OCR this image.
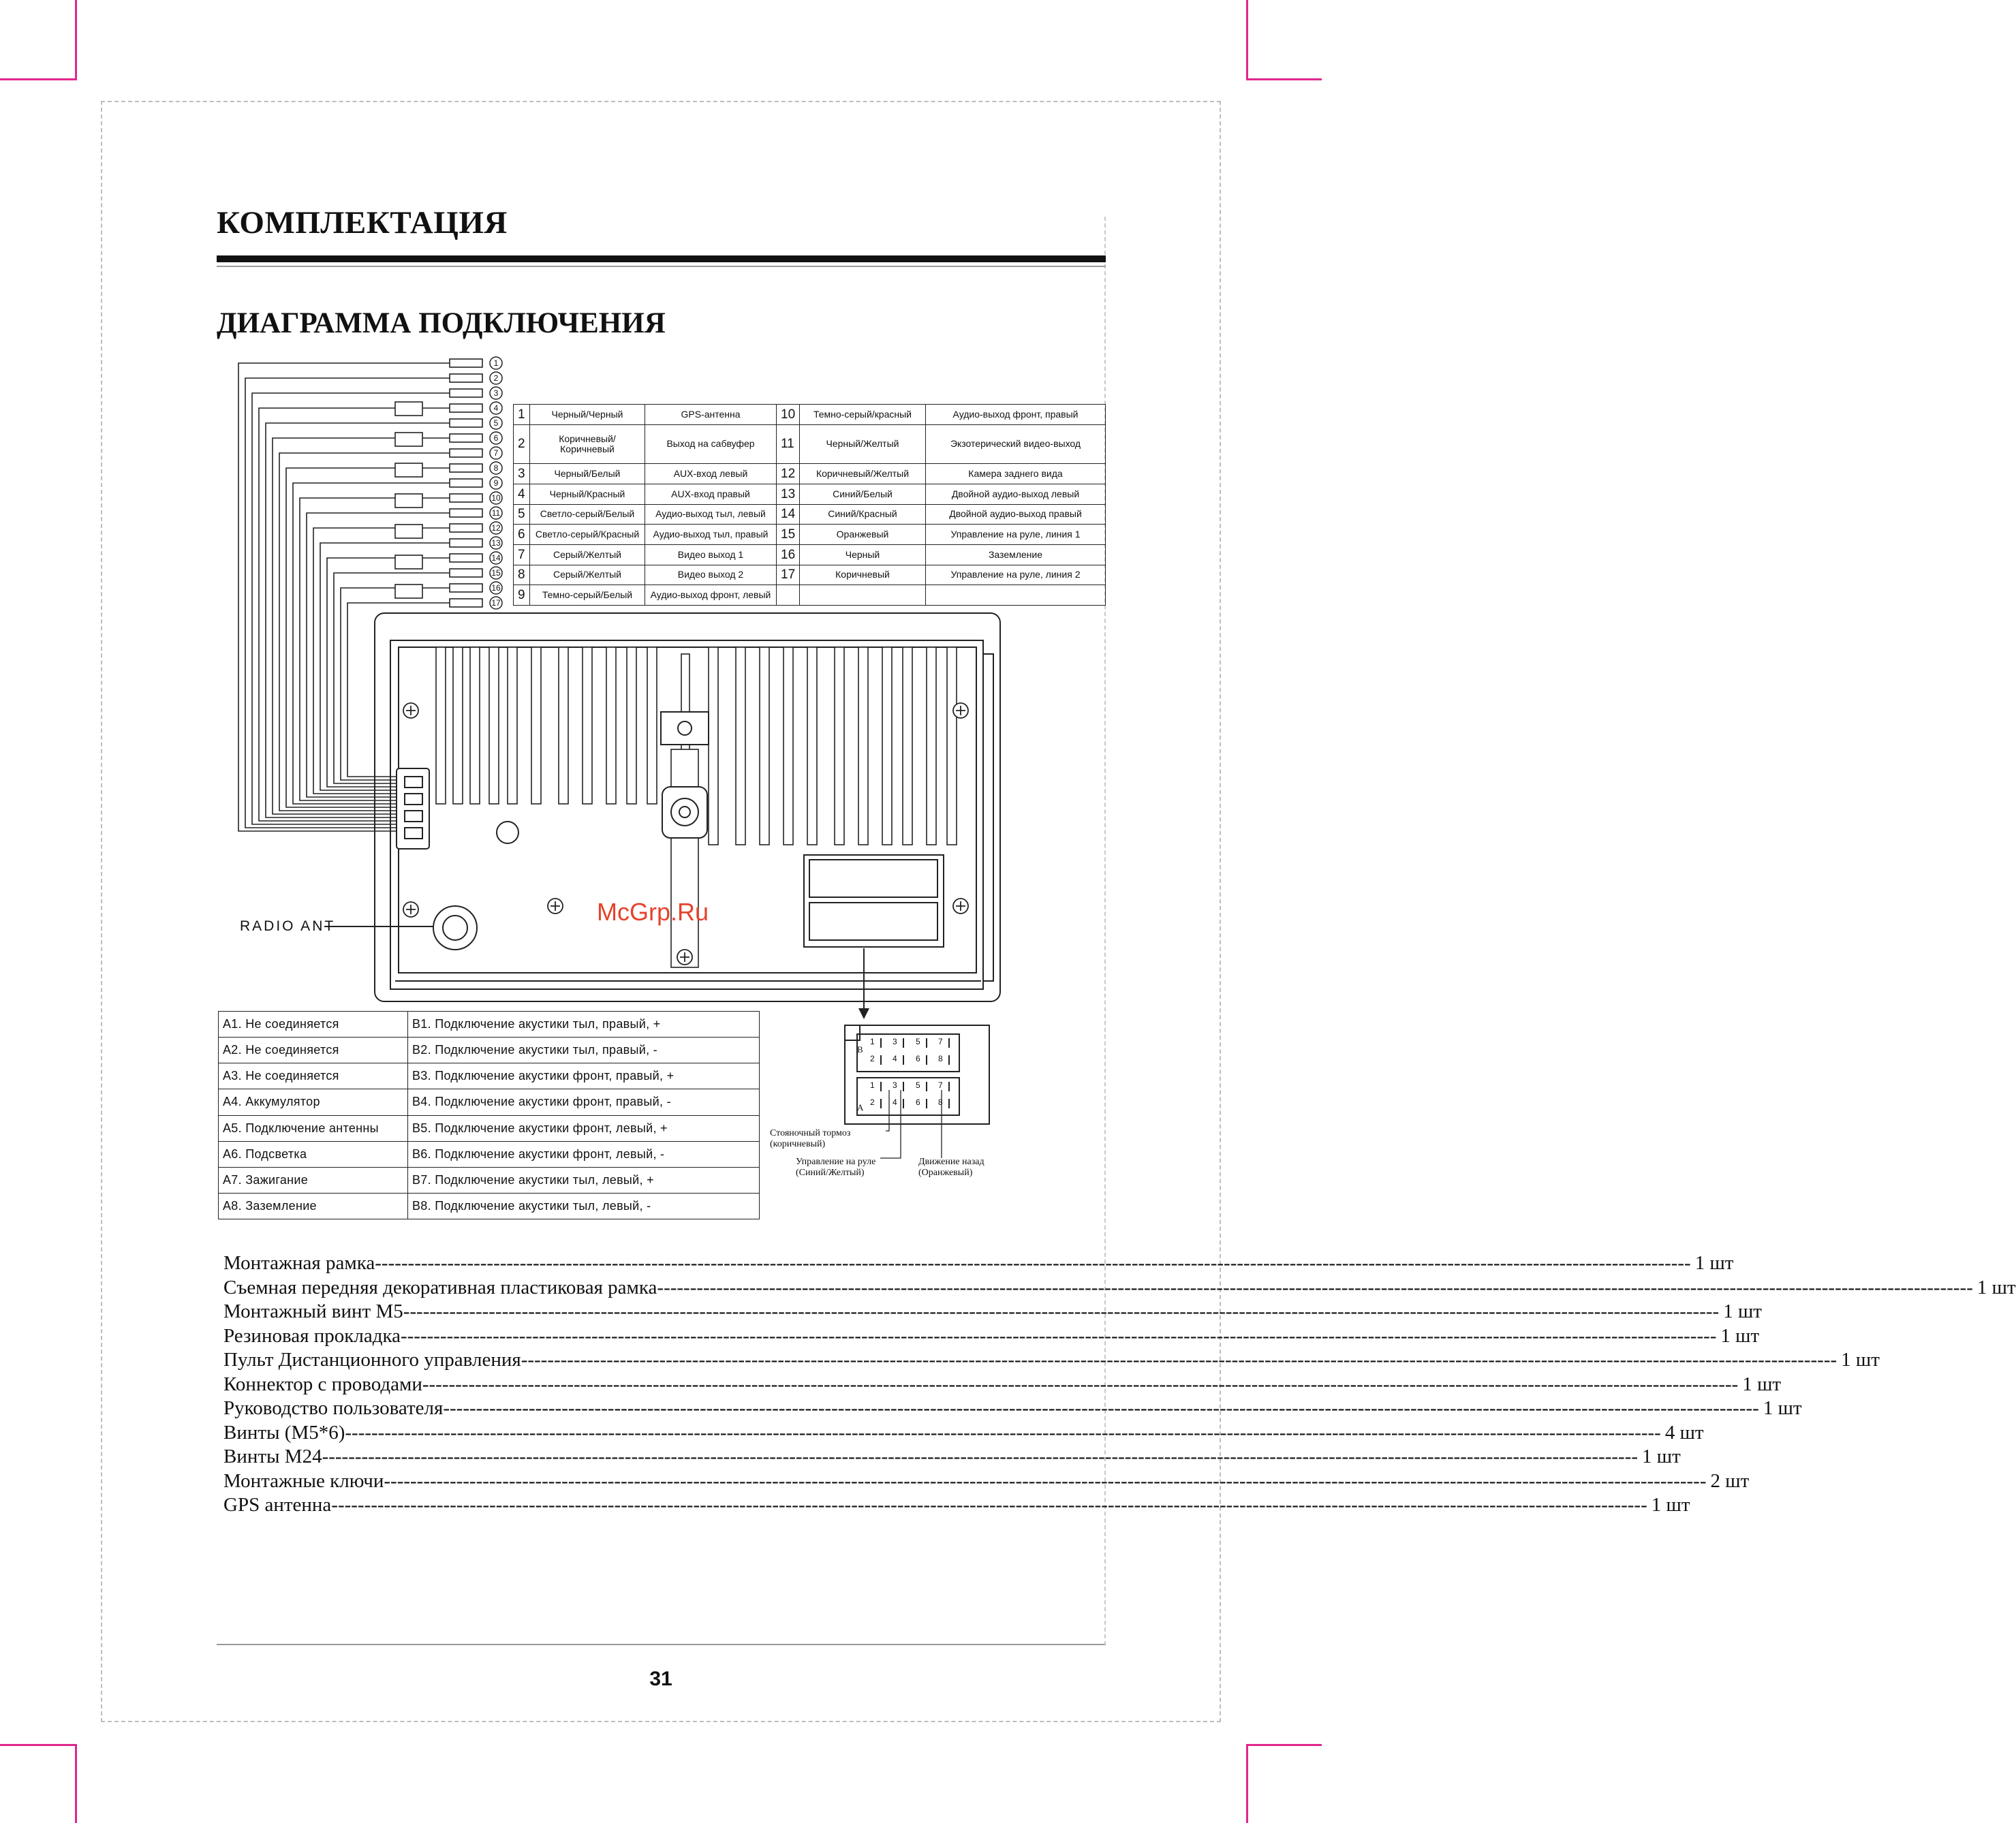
КОМПЛЕКТАЦИЯ
ДИАГРАММА ПОДКЛЮЧЕНИЯ
1
2
3
4
5
6
7
8
9
10
11
12
13
14
15
16
17
1	Черный/Черный	GPS-антенна	10	Темно-серый/красный	Аудио-выход фронт, правый
2	Коричневый/Коричневый	Выход на сабвуфер	11	Черный/Желтый	Экзотерический видео-выход
3	Черный/Белый	AUX-вход левый	12	Коричневый/Желтый	Камера заднего вида
4	Черный/Красный	AUX-вход правый	13	Синий/Белый	Двойной аудио-выход левый
5	Светло-серый/Белый	Аудио-выход тыл, левый	14	Синий/Красный	Двойной аудио-выход правый
6	Светло-серый/Красный	Аудио-выход тыл, правый	15	Оранжевый	Управление на руле, линия 1
7	Серый/Желтый	Видео выход 1	16	Черный	Заземление
8	Серый/Желтый	Видео выход 2	17	Коричневый	Управление на руле, линия 2
9	Темно-серый/Белый	Аудио-выход фронт, левый			
RADIO ANT
McGrp.Ru
A1. Не соединяется	B1. Подключение акустики тыл, правый, +
A2. Не соединяется	B2. Подключение акустики тыл, правый, -
A3. Не соединяется	B3. Подключение акустики фронт, правый, +
A4. Аккумулятор	B4. Подключение акустики фронт, правый, -
A5. Подключение антенны	B5. Подключение акустики фронт, левый, +
A6. Подсветка	B6. Подключение акустики фронт, левый, -
A7. Зажигание	B7. Подключение акустики тыл, левый, +
A8. Заземление	B8. Подключение акустики тыл, левый, -
B
A
1 3 5 7
2 4 6 8
1 3 5 7
2 4 6 8
Стояночный тормоз (коричневый)
Управление на руле (Синий/Желтый)
Движение назад (Оранжевый)
Монтажная рамка -------------------------------------------------------------------------------------------------------------------------------------------------------------------------------------------------------- 1 шт
Съемная передняя декоративная пластиковая рамка -------------------------------------------------------------------------------------------------------------------------------------------------------------------------------------------------------- 1 шт
Монтажный винт М5 -------------------------------------------------------------------------------------------------------------------------------------------------------------------------------------------------------- 1 шт
Резиновая прокладка -------------------------------------------------------------------------------------------------------------------------------------------------------------------------------------------------------- 1 шт
Пульт Дистанционного управления -------------------------------------------------------------------------------------------------------------------------------------------------------------------------------------------------------- 1 шт
Коннектор с проводами -------------------------------------------------------------------------------------------------------------------------------------------------------------------------------------------------------- 1 шт
Руководство пользователя -------------------------------------------------------------------------------------------------------------------------------------------------------------------------------------------------------- 1 шт
Винты (М5*6) -------------------------------------------------------------------------------------------------------------------------------------------------------------------------------------------------------- 4 шт
Винты М24 -------------------------------------------------------------------------------------------------------------------------------------------------------------------------------------------------------- 1 шт
Монтажные ключи- -------------------------------------------------------------------------------------------------------------------------------------------------------------------------------------------------------- 2 шт
GPS антенна -------------------------------------------------------------------------------------------------------------------------------------------------------------------------------------------------------- 1 шт
31
